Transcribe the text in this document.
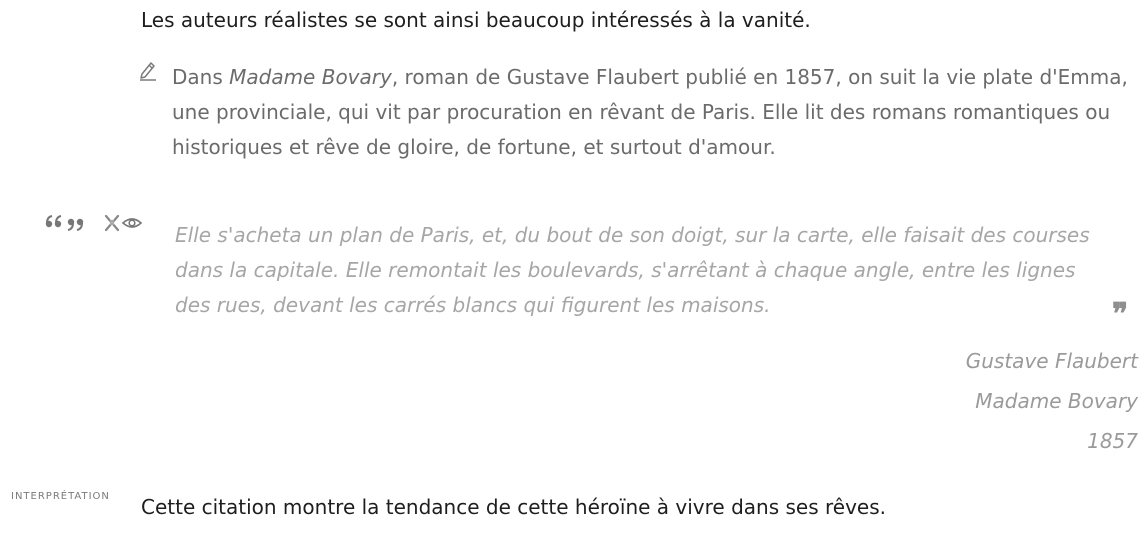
Les auteurs réalistes se sont ainsi beaucoup intéressés à la vanité.
Dans Madame Bovary, roman de Gustave Flaubert publié en 1857, on suit la vie plate d'Emma, une provinciale, qui vit par procuration en rêvant de Paris. Elle lit des romans romantiques ou historiques et rêve de gloire, de fortune, et surtout d'amour.
Elle s'acheta un plan de Paris, et, du bout de son doigt, sur la carte, elle faisait des courses dans la capitale. Elle remontait les boulevards, s'arrêtant à chaque angle, entre les lignes des rues, devant les carrés blancs qui figurent les maisons.	❞
Gustave Flaubert
Madame Bovary
1857
INTERPRÉTATION Cette citation montre la tendance de cette héroïne à vivre dans ses rêves.
